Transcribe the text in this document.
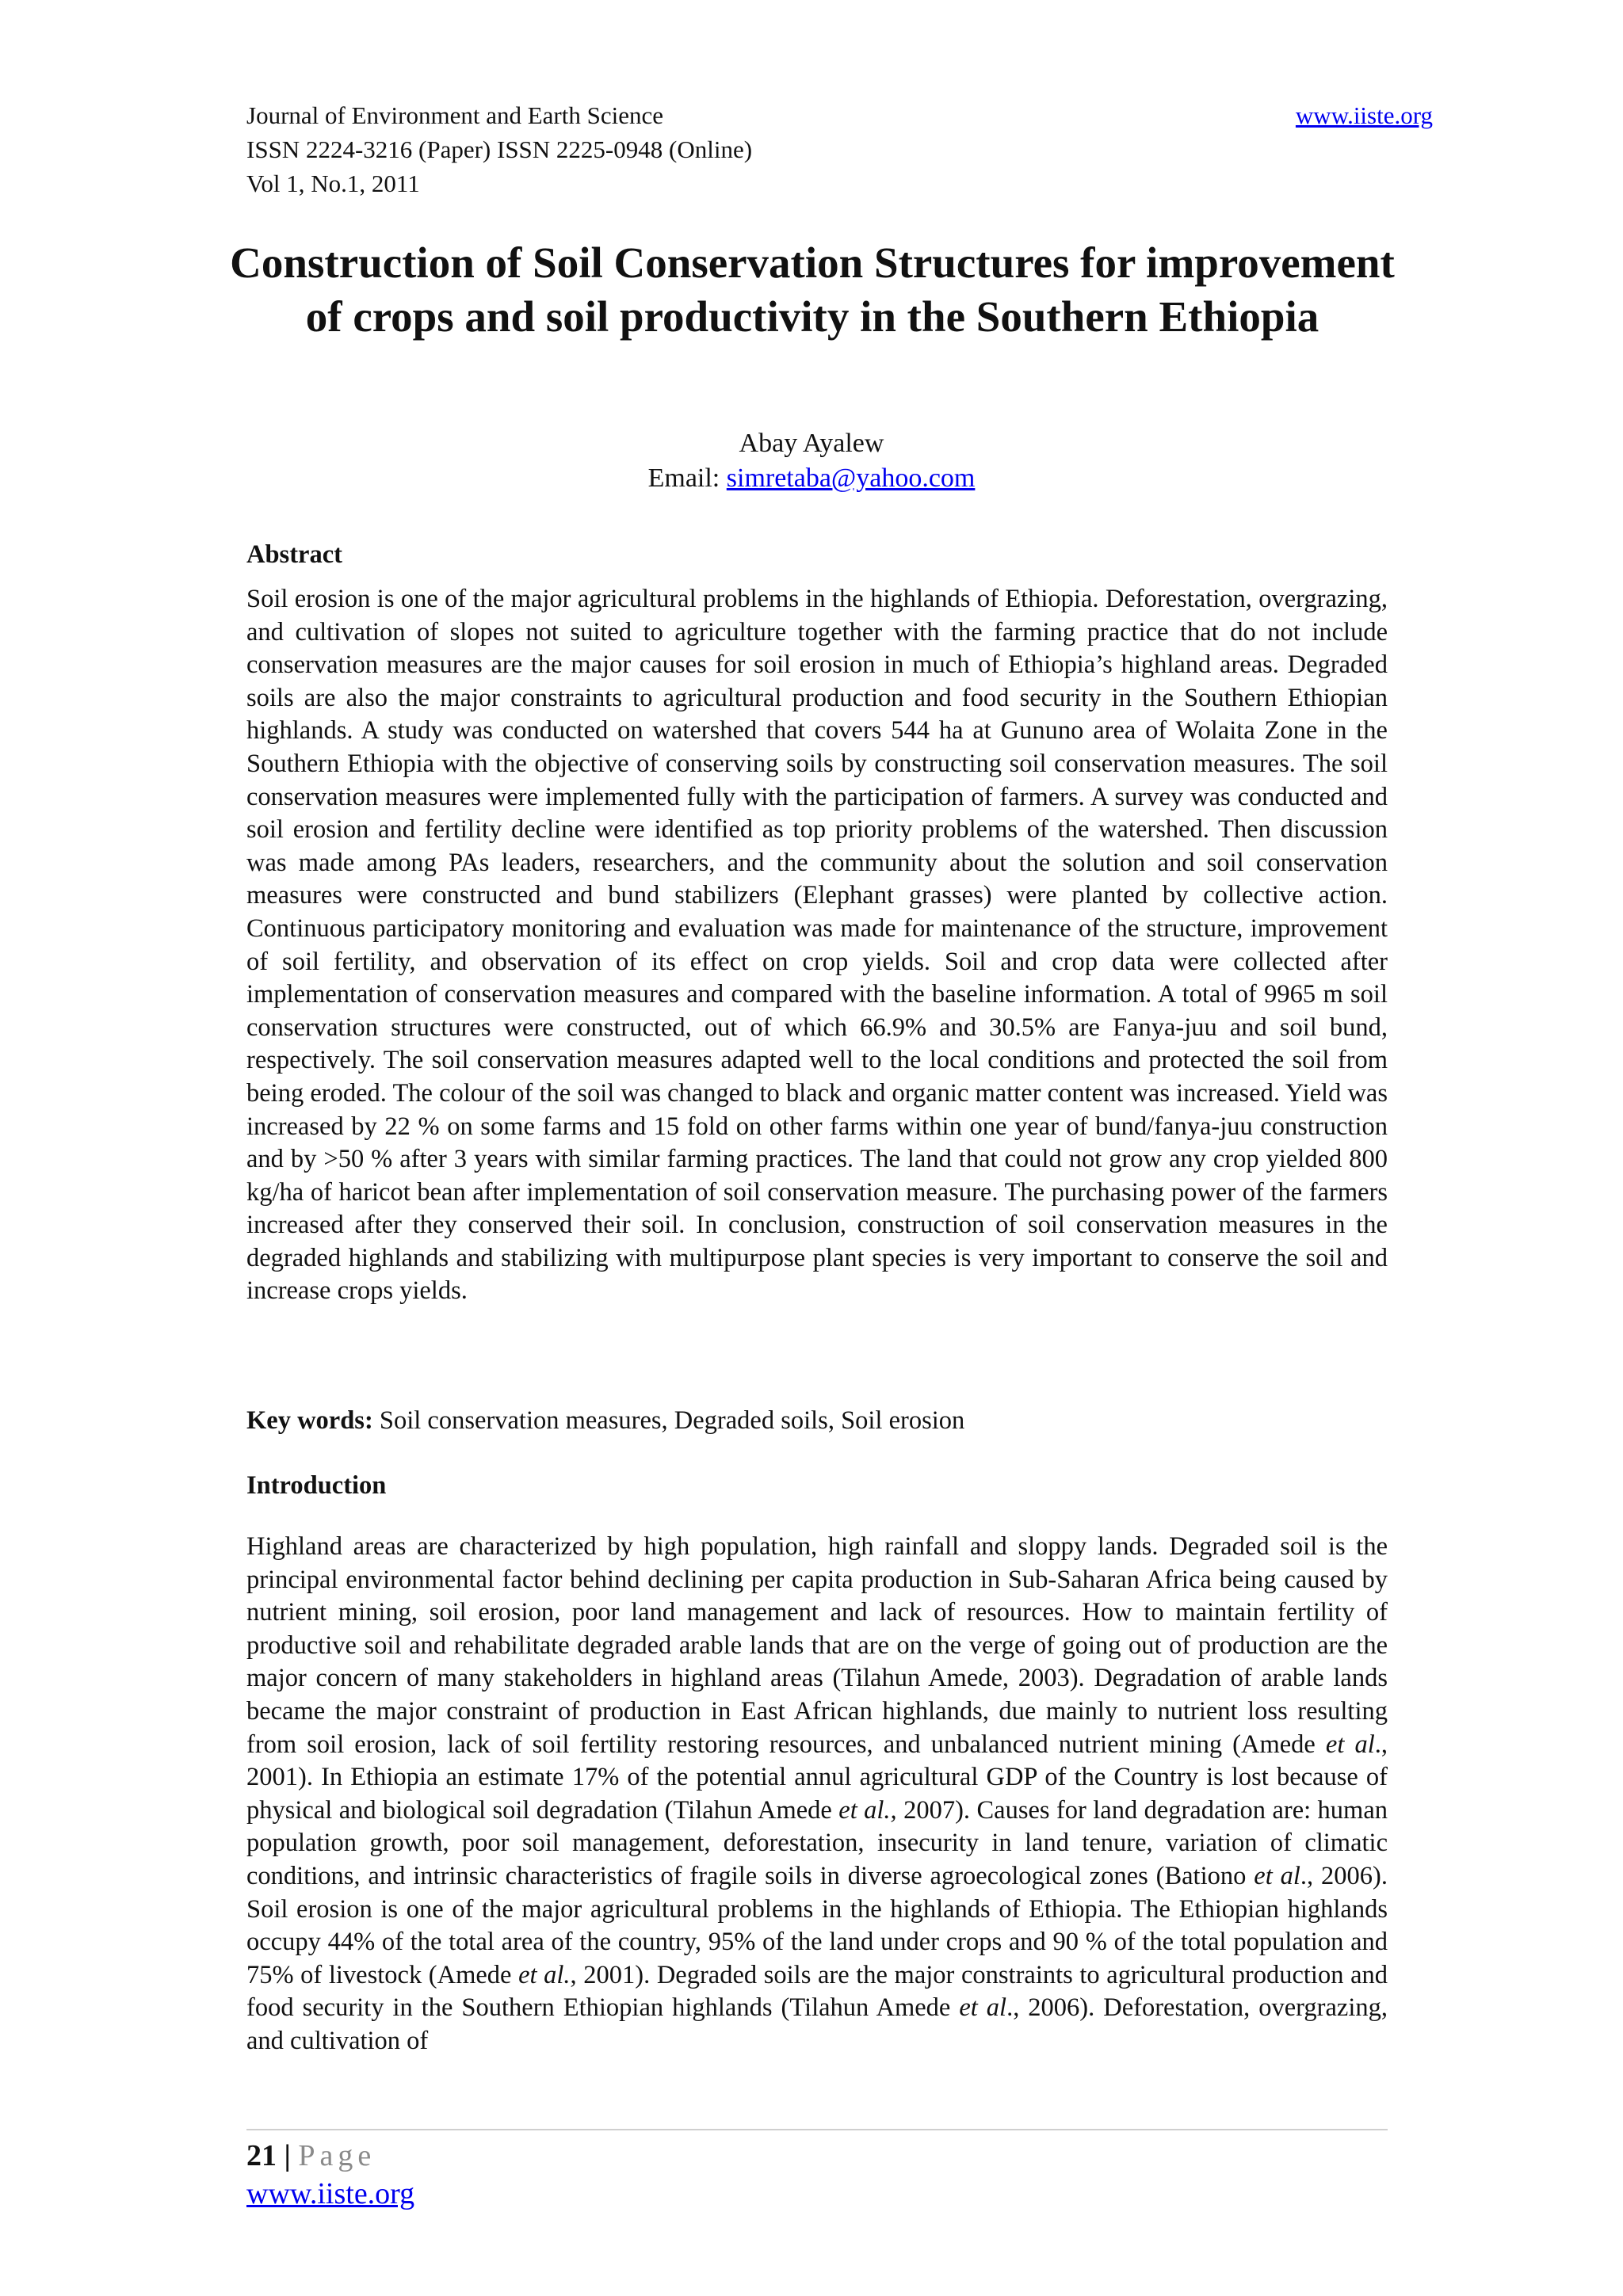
Journal of Environment and Earth Science
ISSN 2224-3216 (Paper) ISSN 2225-0948 (Online)
Vol 1, No.1, 2011
www.iiste.org
Construction of Soil Conservation Structures for improvement of crops and soil productivity in the Southern Ethiopia
Abay Ayalew
Email: simretaba@yahoo.com
Abstract

Soil erosion is one of the major agricultural problems in the highlands of Ethiopia. Deforestation, overgrazing, and cultivation of slopes not suited to agriculture together with the farming practice that do not include conservation measures are the major causes for soil erosion in much of Ethiopia’s highland areas. Degraded soils are also the major constraints to agricultural production and food security in the Southern Ethiopian highlands. A study was conducted on watershed that covers 544 ha at Gununo area of Wolaita Zone in the Southern Ethiopia with the objective of conserving soils by constructing soil conservation measures. The soil conservation measures were implemented fully with the participation of farmers. A survey was conducted and soil erosion and fertility decline were identified as top priority problems of the watershed. Then discussion was made among PAs leaders, researchers, and the community about the solution and soil conservation measures were constructed and bund stabilizers (Elephant grasses) were planted by collective action. Continuous participatory monitoring and evaluation was made for maintenance of the structure, improvement of soil fertility, and observation of its effect on crop yields. Soil and crop data were collected after implementation of conservation measures and compared with the baseline information. A total of 9965 m soil conservation structures were constructed, out of which 66.9% and 30.5% are Fanya-juu and soil bund, respectively. The soil conservation measures adapted well to the local conditions and protected the soil from being eroded. The colour of the soil was changed to black and organic matter content was increased. Yield was increased by 22 % on some farms and 15 fold on other farms within one year of bund/fanya-juu construction and by >50 % after 3 years with similar farming practices. The land that could not grow any crop yielded 800 kg/ha of haricot bean after implementation of soil conservation measure. The purchasing power of the farmers increased after they conserved their soil. In conclusion, construction of soil conservation measures in the degraded highlands and stabilizing with multipurpose plant species is very important to conserve the soil and increase crops yields.

Key words: Soil conservation measures, Degraded soils, Soil erosion
Introduction

Highland areas are characterized by high population, high rainfall and sloppy lands. Degraded soil is the principal environmental factor behind declining per capita production in Sub-Saharan Africa being caused by nutrient mining, soil erosion, poor land management and lack of resources. How to maintain fertility of productive soil and rehabilitate degraded arable lands that are on the verge of going out of production are the major concern of many stakeholders in highland areas (Tilahun Amede, 2003). Degradation of arable lands became the major constraint of production in East African highlands, due mainly to nutrient loss resulting from soil erosion, lack of soil fertility restoring resources, and unbalanced nutrient mining (Amede et al., 2001). In Ethiopia an estimate 17% of the potential annul agricultural GDP of the Country is lost because of physical and biological soil degradation (Tilahun Amede et al., 2007). Causes for land degradation are: human population growth, poor soil management, deforestation, insecurity in land tenure, variation of climatic conditions, and intrinsic characteristics of fragile soils in diverse agroecological zones (Bationo et al., 2006). Soil erosion is one of the major agricultural problems in the highlands of Ethiopia. The Ethiopian highlands occupy 44% of the total area of the country, 95% of the land under crops and 90 % of the total population and 75% of livestock (Amede et al., 2001). Degraded soils are the major constraints to agricultural production and food security in the Southern Ethiopian highlands (Tilahun Amede et al., 2006). Deforestation, overgrazing, and cultivation of

21 | Page
www.iiste.org
